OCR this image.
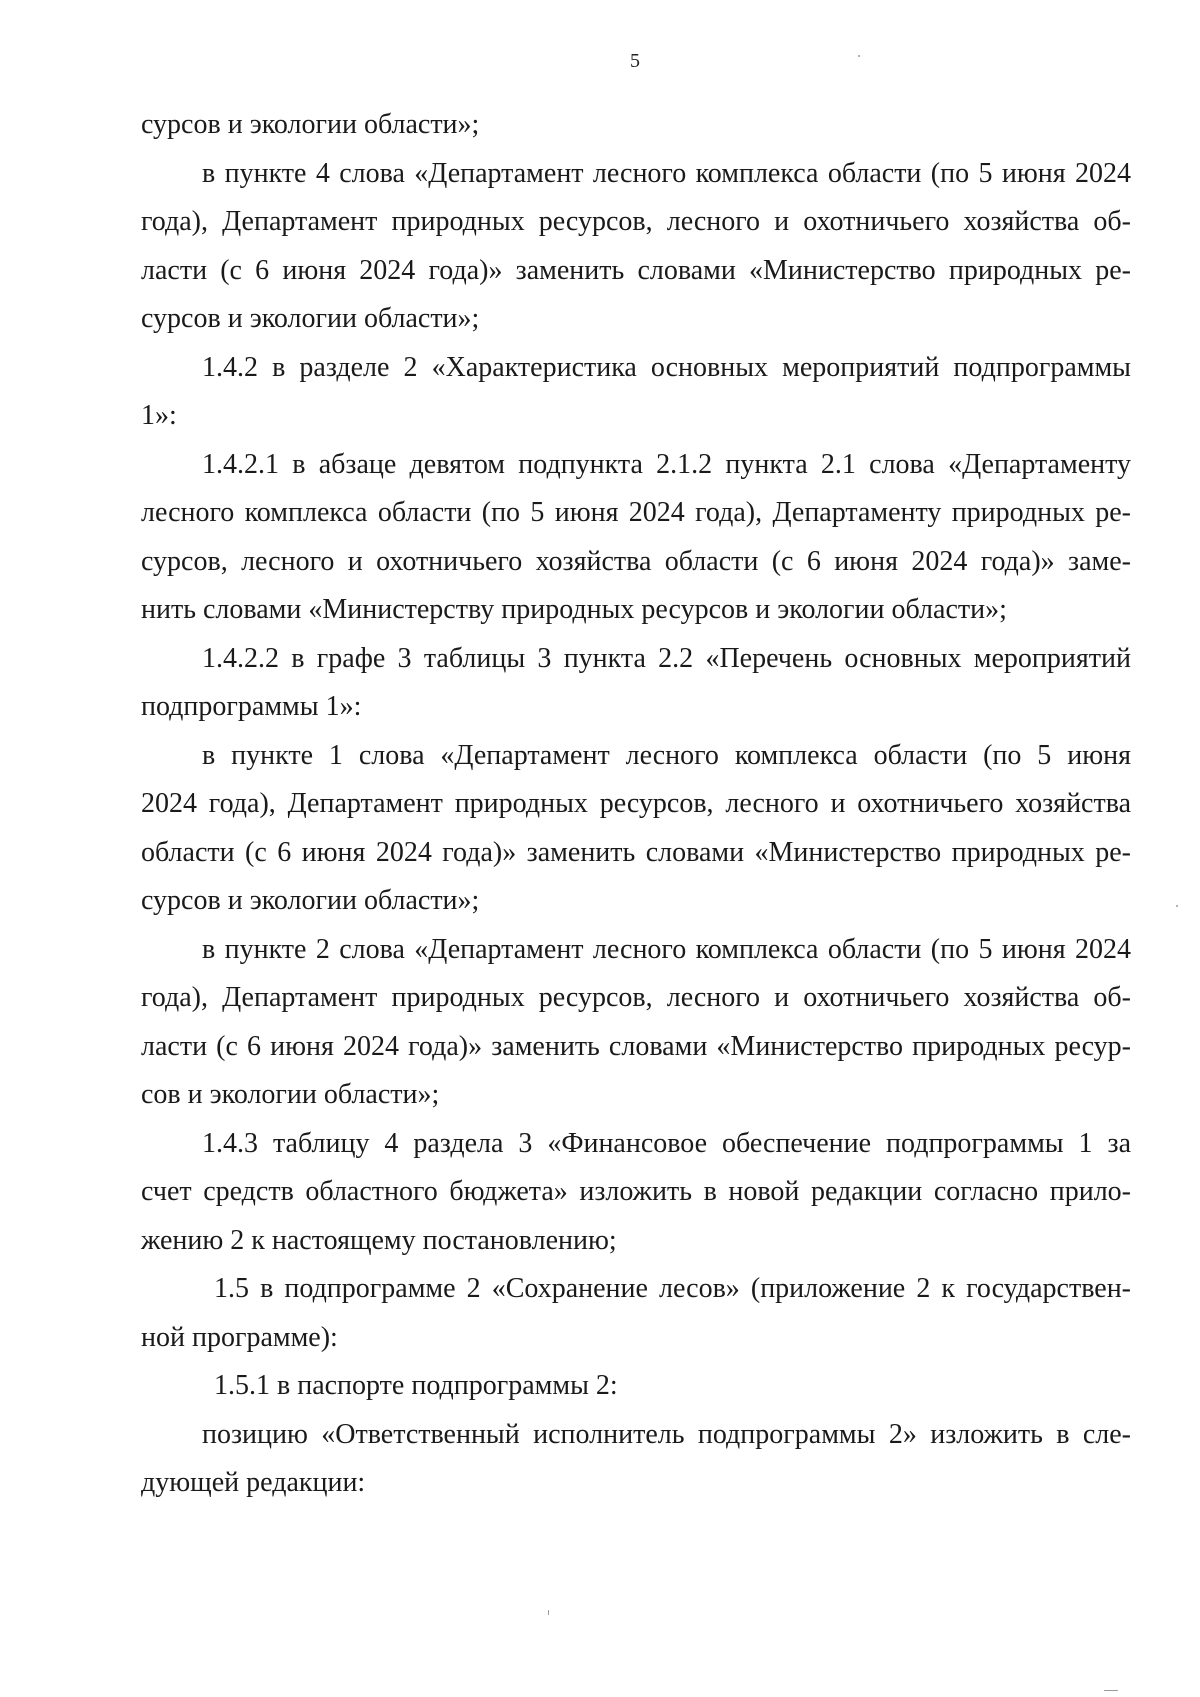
5
сурсов и экологии области»;
в пункте 4 слова «Департамент лесного комплекса области (по 5 июня 2024
года), Департамент природных ресурсов, лесного и охотничьего хозяйства об-
ласти (с 6 июня 2024 года)» заменить словами «Министерство природных ре-
сурсов и экологии области»;
1.4.2 в разделе 2 «Характеристика основных мероприятий подпрограммы
1»:
1.4.2.1 в абзаце девятом подпункта 2.1.2 пункта 2.1 слова «Департаменту
лесного комплекса области (по 5 июня 2024 года), Департаменту природных ре-
сурсов, лесного и охотничьего хозяйства области (с 6 июня 2024 года)» заме-
нить словами «Министерству природных ресурсов и экологии области»;
1.4.2.2 в графе 3 таблицы 3 пункта 2.2 «Перечень основных мероприятий
подпрограммы 1»:
в пункте 1 слова «Департамент лесного комплекса области (по 5 июня
2024 года), Департамент природных ресурсов, лесного и охотничьего хозяйства
области (с 6 июня 2024 года)» заменить словами «Министерство природных ре-
сурсов и экологии области»;
в пункте 2 слова «Департамент лесного комплекса области (по 5 июня 2024
года), Департамент природных ресурсов, лесного и охотничьего хозяйства об-
ласти (с 6 июня 2024 года)» заменить словами «Министерство природных ресур-
сов и экологии области»;
1.4.3 таблицу 4 раздела 3 «Финансовое обеспечение подпрограммы 1 за
счет средств областного бюджета» изложить в новой редакции согласно прило-
жению 2 к настоящему постановлению;
1.5 в подпрограмме 2 «Сохранение лесов» (приложение 2 к государствен-
ной программе):
1.5.1 в паспорте подпрограммы 2:
позицию «Ответственный исполнитель подпрограммы 2» изложить в сле-
дующей редакции:
